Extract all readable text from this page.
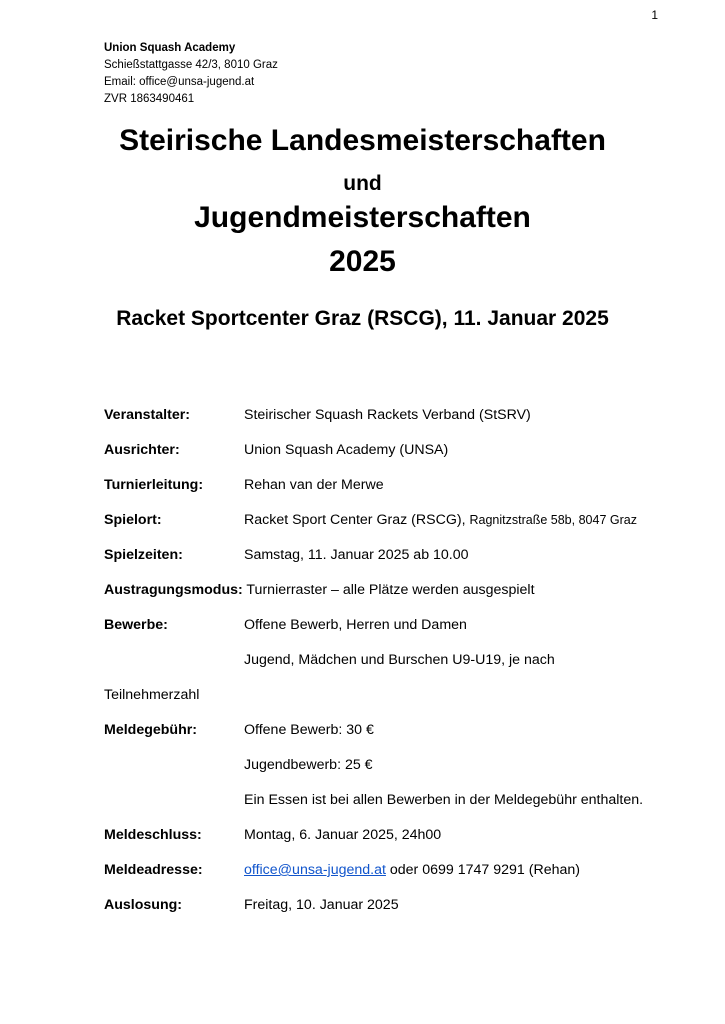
1
Union Squash Academy
Schießstattgasse 42/3, 8010 Graz
Email: office@unsa-jugend.at
ZVR 1863490461
Steirische Landesmeisterschaften
und
Jugendmeisterschaften
2025
Racket Sportcenter Graz (RSCG), 11. Januar 2025
Veranstalter:	Steirischer Squash Rackets Verband (StSRV)
Ausrichter:	Union Squash Academy (UNSA)
Turnierleitung:	Rehan van der Merwe
Spielort:	Racket Sport Center Graz (RSCG), Ragnitzstraße 58b, 8047 Graz
Spielzeiten:	Samstag, 11. Januar 2025 ab 10.00
Austragungsmodus: Turnierraster – alle Plätze werden ausgespielt
Bewerbe:	Offene Bewerb, Herren und Damen
Jugend, Mädchen und Burschen U9-U19, je nach
Teilnehmerzahl
Meldegebühr:	Offene Bewerb: 30 €
Jugendbewerb: 25 €
Ein Essen ist bei allen Bewerben in der Meldegebühr enthalten.
Meldeschluss:	Montag, 6. Januar 2025, 24h00
Meldeadresse:	office@unsa-jugend.at oder 0699 1747 9291 (Rehan)
Auslosung:	Freitag, 10. Januar 2025
